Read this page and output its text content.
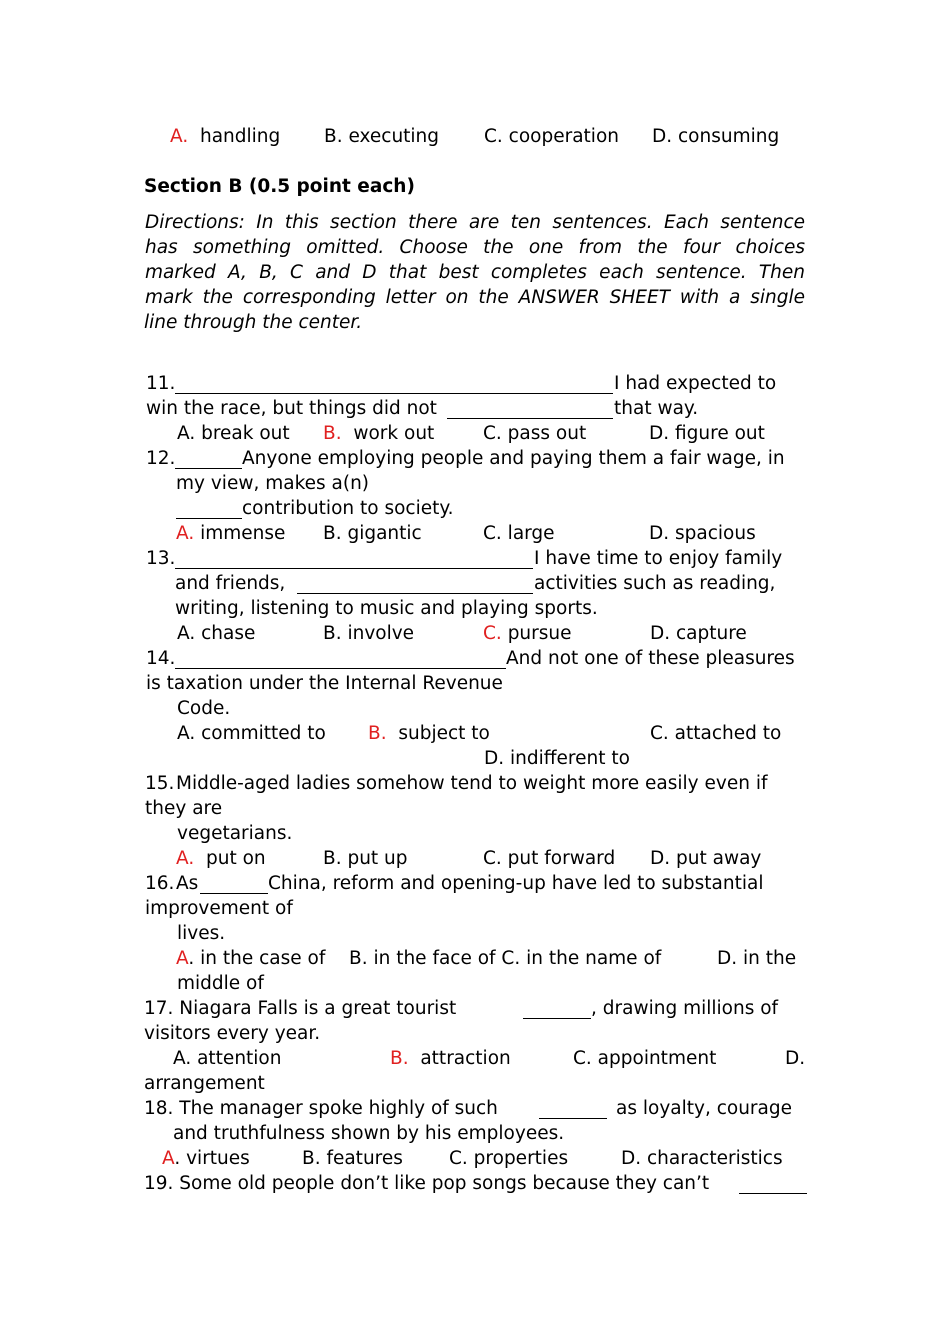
A. handling B. executing C. cooperation D. consuming
Section B (0.5 point each)
Directions: In this section there are ten sentences. Each sentence
has something omitted. Choose the one from the four choices
marked A, B, C and D that best completes each sentence. Then
mark the corresponding letter on the ANSWER SHEET with a single
line through the center.
11.	I had expected to
win the race, but things did not	that way.
A. break out B.  work out	C. pass out	D. figure out
12.	Anyone employing people and paying them a fair wage, in
my view, makes a(n)
contribution to society.
A. immense B. gigantic	C. large	D. spacious
13.	I have time to enjoy family
and friends,	activities such as reading,
writing, listening to music and playing sports.
A. chase	B. involve	C. pursue	D. capture
14.	And not one of these pleasures
is taxation under the Internal Revenue
Code.
A. committed to B. subject to	C. attached to
D. indifferent to
15. Middle-aged ladies somehow tend to weight more easily even if
they are
vegetarians.
A. put on	B. put up	C. put forward D. put away
16. As	China, reform and opening-up have led to substantial
improvement of
lives.
A. in the case of B. in the face of C. in the name of	D. in the
middle of
17. Niagara Falls is a great tourist	, drawing millions of
visitors every year.
A. attention	B. attraction	C. appointment	D.
arrangement
18. The manager spoke highly of such	as loyalty, courage
and truthfulness shown by his employees.
A. virtues	B. features C. properties	D. characteristics
19. Some old people don’t like pop songs because they can’t
